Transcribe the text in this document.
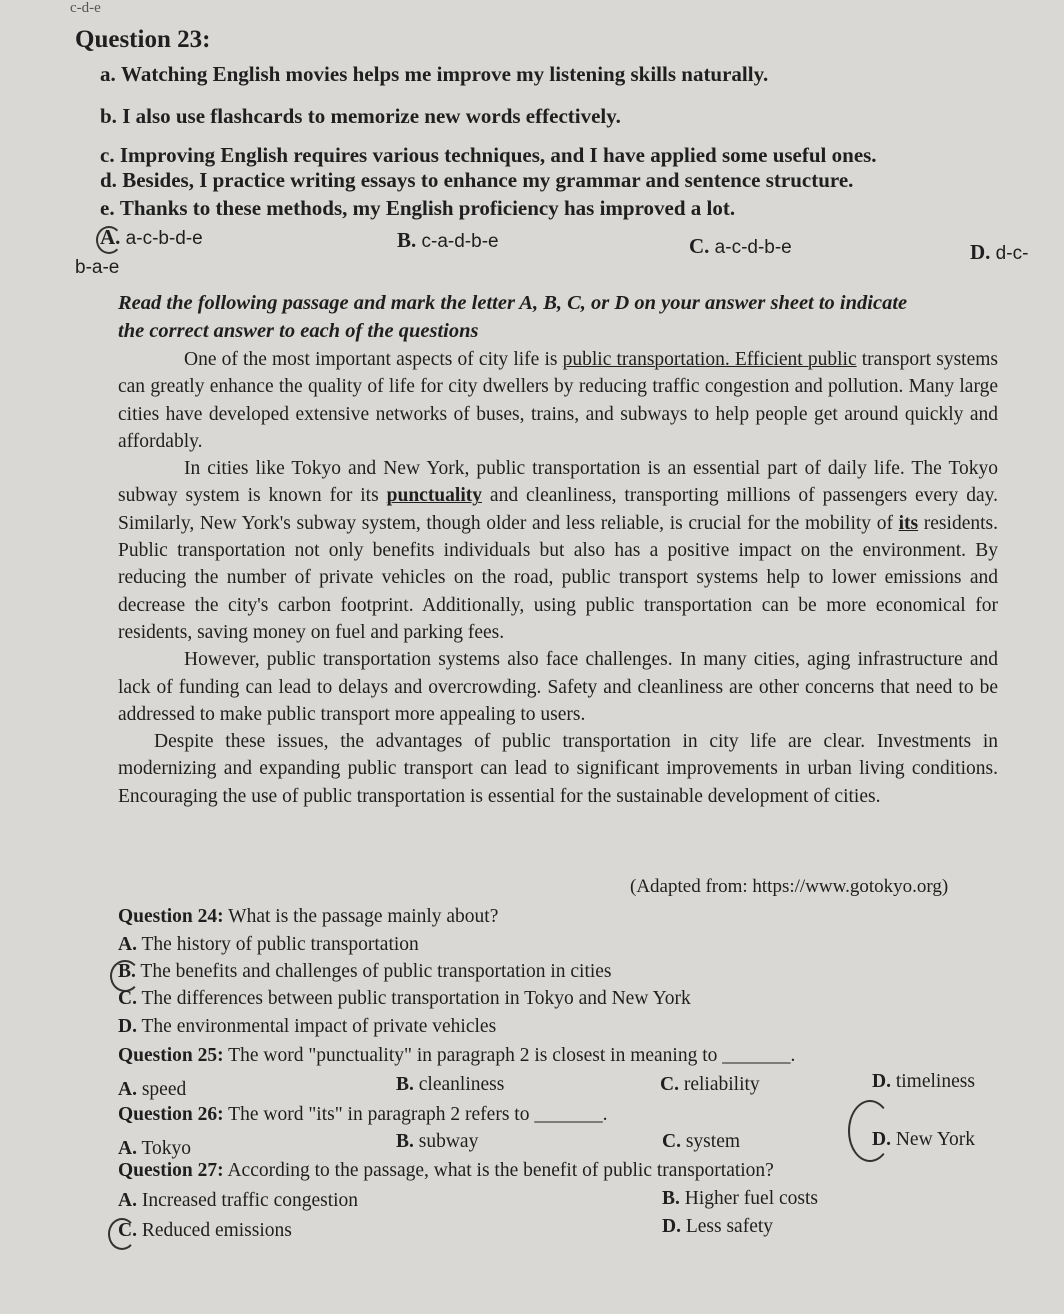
c-d-e
Question 23:
a. Watching English movies helps me improve my listening skills naturally.
b. I also use flashcards to memorize new words effectively.
c. Improving English requires various techniques, and I have applied some useful ones.
d. Besides, I practice writing essays to enhance my grammar and sentence structure.
e. Thanks to these methods, my English proficiency has improved a lot.
A. a-c-b-d-e	B. c-a-d-b-e	C. a-c-d-b-e	D. d-c-
b-a-e
Read the following passage and mark the letter A, B, C, or D on your answer sheet to indicate
the correct answer to each of the questions

One of the most important aspects of city life is public transportation. Efficient public transport systems can greatly enhance the quality of life for city dwellers by reducing traffic congestion and pollution. Many large cities have developed extensive networks of buses, trains, and subways to help people get around quickly and affordably.

In cities like Tokyo and New York, public transportation is an essential part of daily life. The Tokyo subway system is known for its punctuality and cleanliness, transporting millions of passengers every day. Similarly, New York's subway system, though older and less reliable, is crucial for the mobility of its residents. Public transportation not only benefits individuals but also has a positive impact on the environment. By reducing the number of private vehicles on the road, public transport systems help to lower emissions and decrease the city's carbon footprint. Additionally, using public transportation can be more economical for residents, saving money on fuel and parking fees.

However, public transportation systems also face challenges. In many cities, aging infrastructure and lack of funding can lead to delays and overcrowding. Safety and cleanliness are other concerns that need to be addressed to make public transport more appealing to users.

Despite these issues, the advantages of public transportation in city life are clear. Investments in modernizing and expanding public transport can lead to significant improvements in urban living conditions. Encouraging the use of public transportation is essential for the sustainable development of cities.

(Adapted from: https://www.gotokyo.org)
Question 24: What is the passage mainly about?
A. The history of public transportation
B. The benefits and challenges of public transportation in cities
C. The differences between public transportation in Tokyo and New York
D. The environmental impact of private vehicles
Question 25: The word "punctuality" in paragraph 2 is closest in meaning to _______.
A. speed	B. cleanliness	C. reliability	D. timeliness
Question 26: The word "its" in paragraph 2 refers to _______.
A. Tokyo	B. subway	C. system	D. New York
Question 27: According to the passage, what is the benefit of public transportation?
A. Increased traffic congestion	B. Higher fuel costs
C. Reduced emissions	D. Less safety
